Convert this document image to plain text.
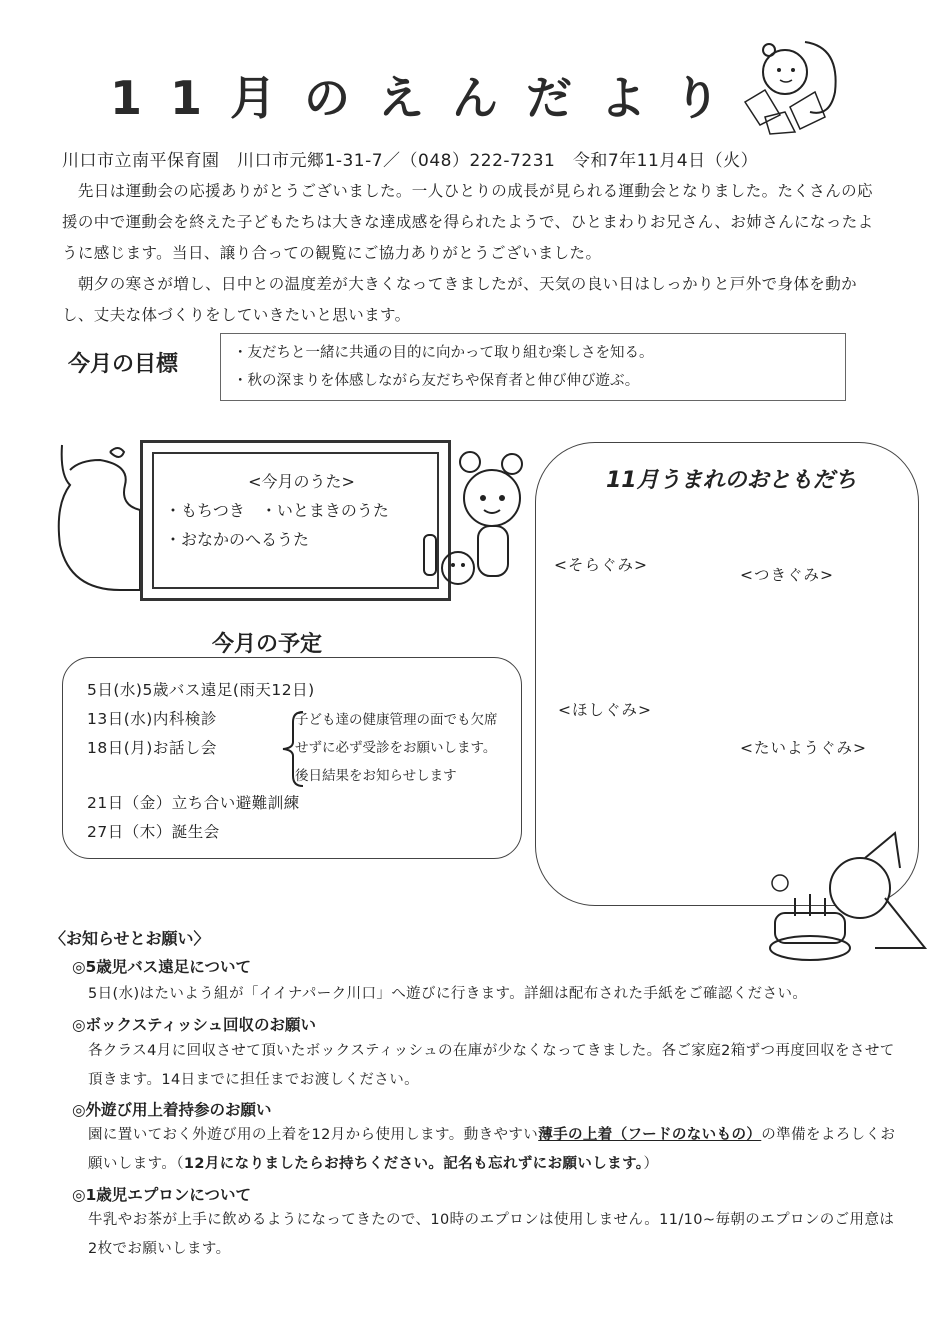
11月のえんだより
川口市立南平保育園　川口市元郷1-31-7／（048）222-7231　令和7年11月4日（火）
　先日は運動会の応援ありがとうございました。一人ひとりの成長が見られる運動会となりました。たくさんの応援の中で運動会を終えた子どもたちは大きな達成感を得られたようで、ひとまわりお兄さん、お姉さんになったように感じます。当日、譲り合っての観覧にご協力ありがとうございました。
　朝夕の寒さが増し、日中との温度差が大きくなってきましたが、天気の良い日はしっかりと戸外で身体を動かし、丈夫な体づくりをしていきたいと思います。
今月の目標	・友だちと一緒に共通の目的に向かって取り組む楽しさを知る。
・秋の深まりを体感しながら友だちや保育者と伸び伸び遊ぶ。
<今月のうた>
・もちつき　・いとまきのうた
・おなかのへるうた
今月の予定
5日(水)5歳バス遠足(雨天12日)
13日(水)内科検診
18日(月)お話し会
子ども達の健康管理の面でも欠席
せずに必ず受診をお願いします。
後日結果をお知らせします
21日（金）立ち合い避難訓練
27日（木）誕生会
11月うまれのおともだち
<そらぐみ>
<つきぐみ>
<ほしぐみ>
<たいようぐみ>
〈お知らせとお願い〉
◎5歳児バス遠足について
5日(水)はたいよう組が「イイナパーク川口」へ遊びに行きます。詳細は配布された手紙をご確認ください。
◎ボックスティッシュ回収のお願い
各クラス4月に回収させて頂いたボックスティッシュの在庫が少なくなってきました。各ご家庭2箱ずつ再度回収をさせて頂きます。14日までに担任までお渡しください。
◎外遊び用上着持参のお願い
園に置いておく外遊び用の上着を12月から使用します。動きやすい薄手の上着（フードのないもの）の準備をよろしくお願いします。（12月になりましたらお持ちください。記名も忘れずにお願いします。）
◎1歳児エプロンについて
牛乳やお茶が上手に飲めるようになってきたので、10時のエプロンは使用しません。11/10~毎朝のエプロンのご用意は2枚でお願いします。
